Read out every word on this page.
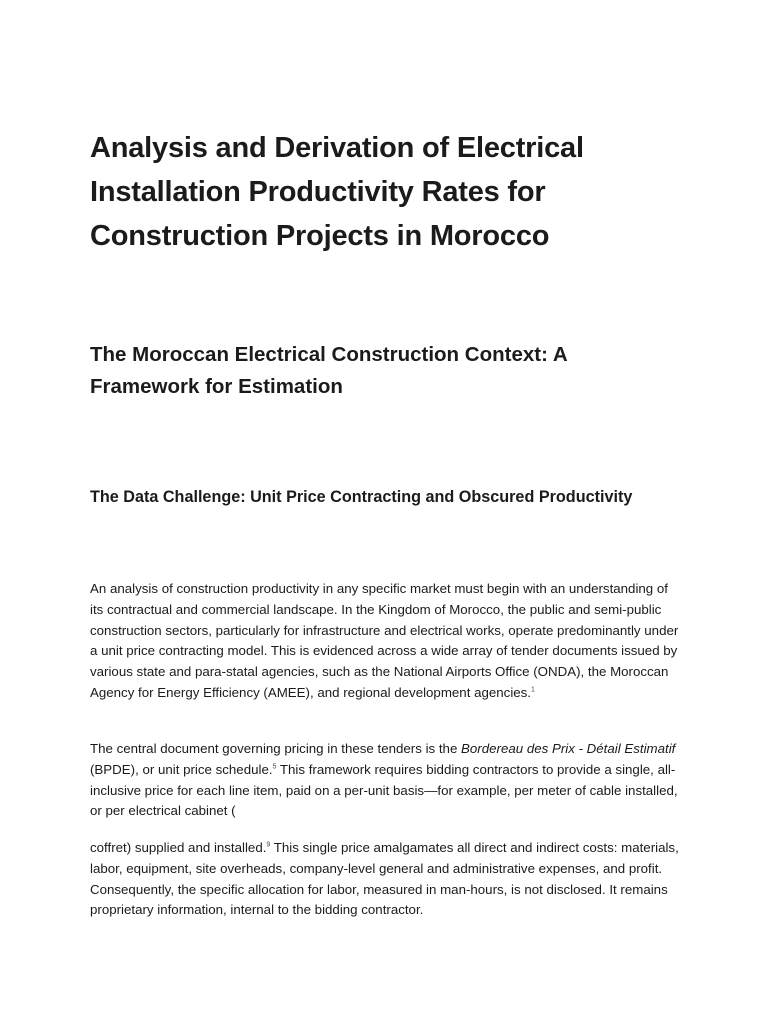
Analysis and Derivation of Electrical Installation Productivity Rates for Construction Projects in Morocco
The Moroccan Electrical Construction Context: A Framework for Estimation
The Data Challenge: Unit Price Contracting and Obscured Productivity

An analysis of construction productivity in any specific market must begin with an understanding of its contractual and commercial landscape. In the Kingdom of Morocco, the public and semi-public construction sectors, particularly for infrastructure and electrical works, operate predominantly under a unit price contracting model. This is evidenced across a wide array of tender documents issued by various state and para-statal agencies, such as the National Airports Office (ONDA), the Moroccan Agency for Energy Efficiency (AMEE), and regional development agencies.$^1$

The central document governing pricing in these tenders is the Bordereau des Prix - Détail Estimatif (BPDE), or unit price schedule.$^5$ This framework requires bidding contractors to provide a single, all-inclusive price for each line item, paid on a per-unit basis—for example, per meter of cable installed, or per electrical cabinet (

coffret) supplied and installed.$^9$ This single price amalgamates all direct and indirect costs: materials, labor, equipment, site overheads, company-level general and administrative expenses, and profit. Consequently, the specific allocation for labor, measured in man-hours, is not disclosed. It remains proprietary information, internal to the bidding contractor.
